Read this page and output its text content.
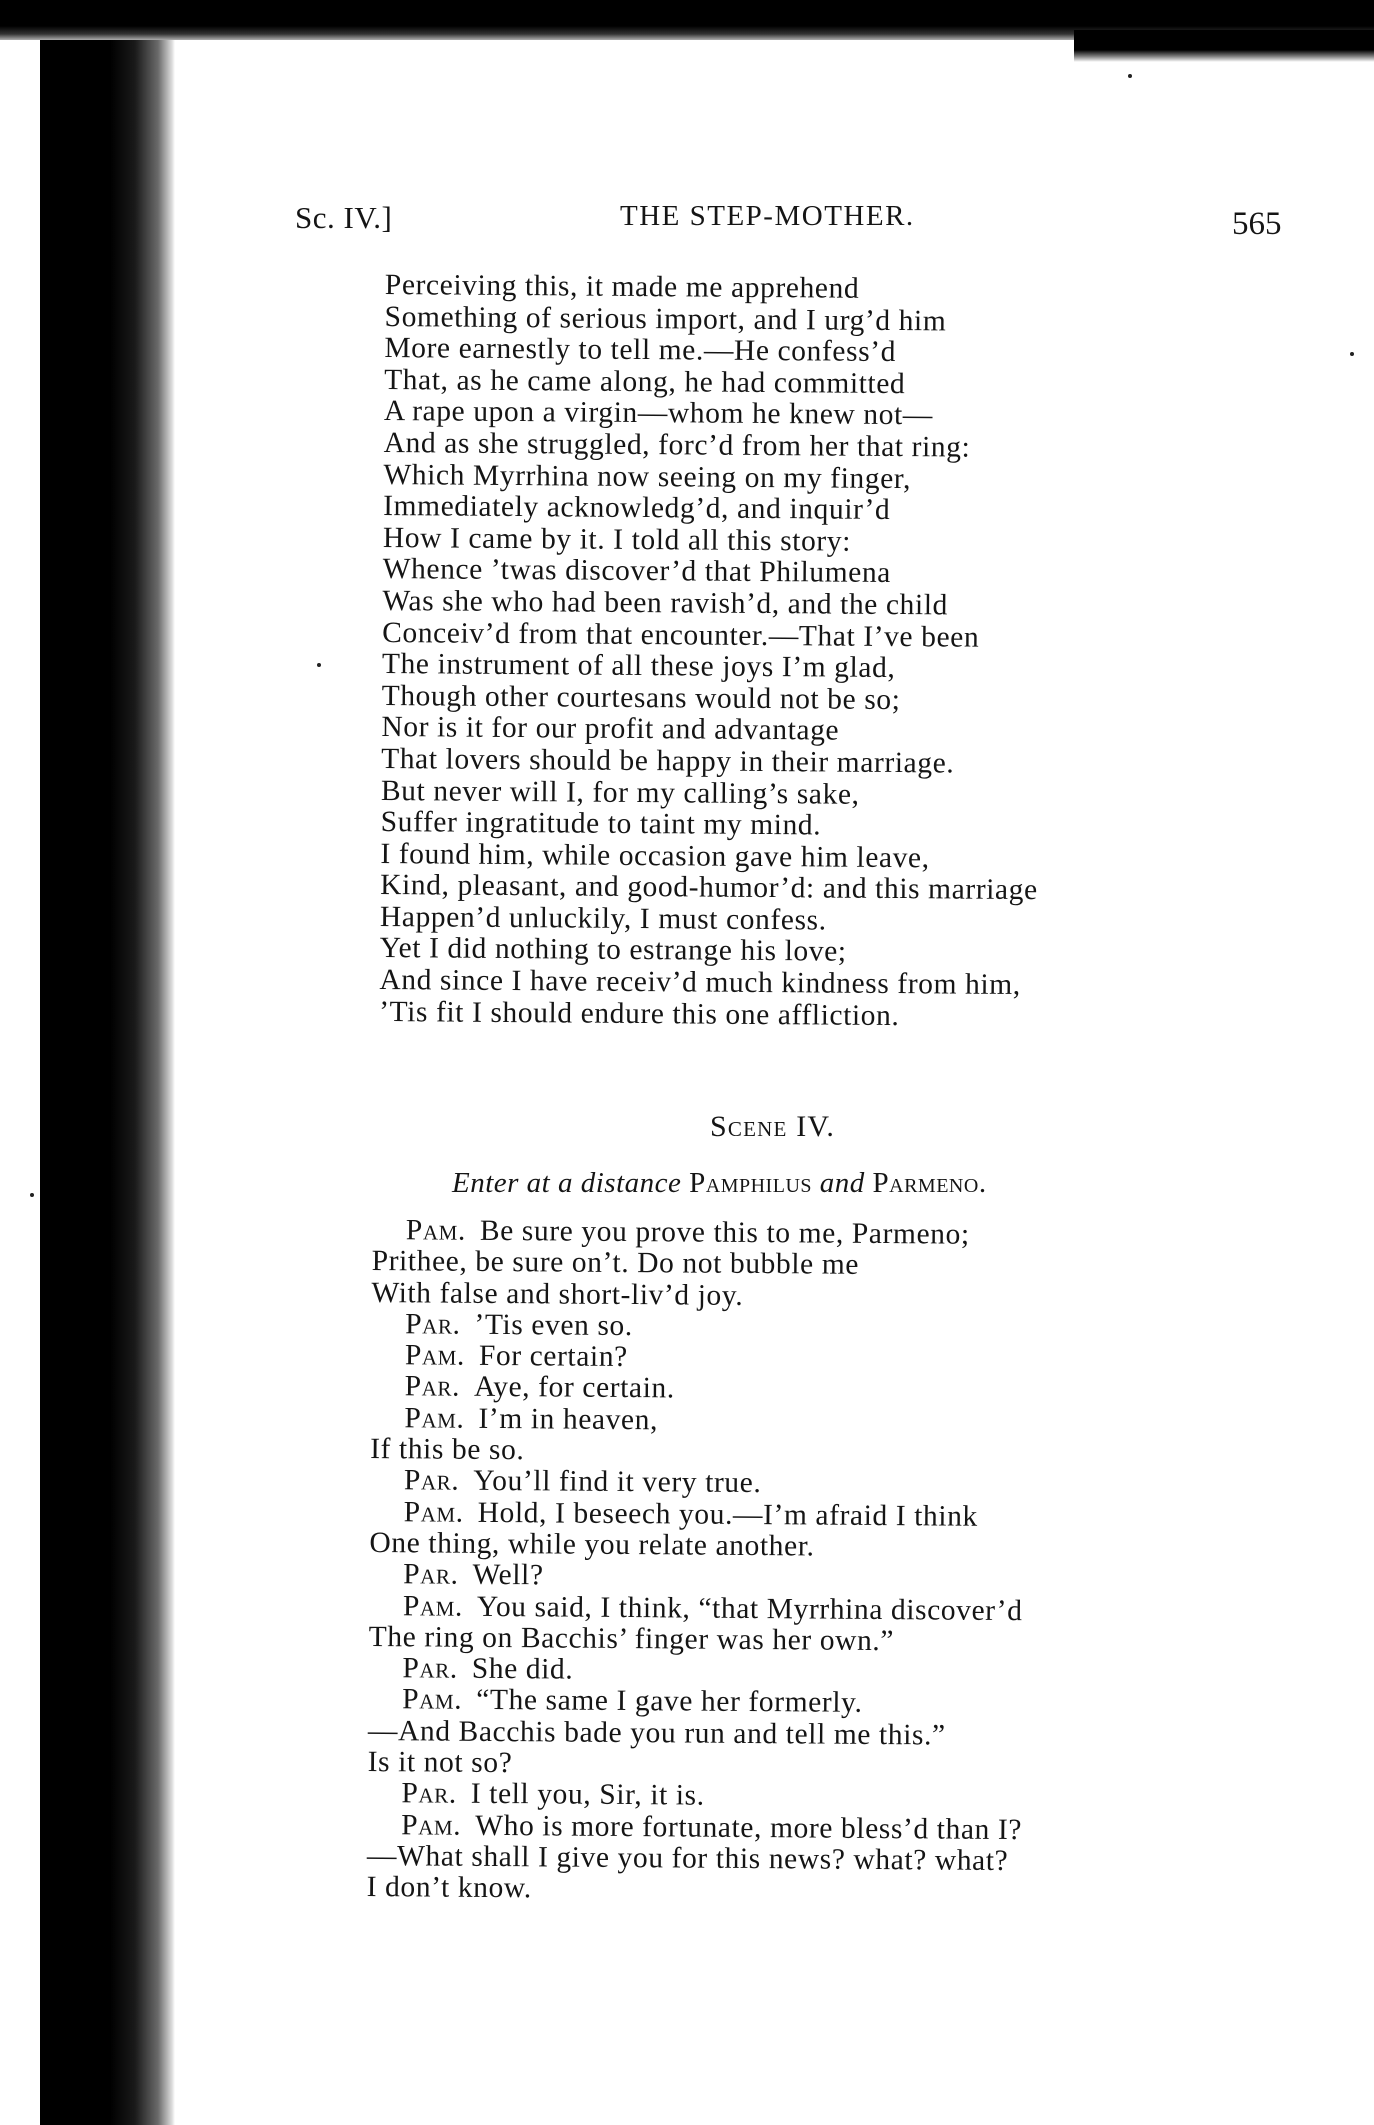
Sc. IV.]	THE STEP-MOTHER.	565
Perceiving this, it made me apprehend
Something of serious import, and I urg’d him
More earnestly to tell me.—He confess’d
That, as he came along, he had committed
A rape upon a virgin—whom he knew not—
And as she struggled, forc’d from her that ring:
Which Myrrhina now seeing on my finger,
Immediately acknowledg’d, and inquir’d
How I came by it. I told all this story:
Whence ’twas discover’d that Philumena
Was she who had been ravish’d, and the child
Conceiv’d from that encounter.—That I’ve been
The instrument of all these joys I’m glad,
Though other courtesans would not be so;
Nor is it for our profit and advantage
That lovers should be happy in their marriage.
But never will I, for my calling’s sake,
Suffer ingratitude to taint my mind.
I found him, while occasion gave him leave,
Kind, pleasant, and good-humor’d: and this marriage
Happen’d unluckily, I must confess.
Yet I did nothing to estrange his love;
And since I have receiv’d much kindness from him,
’Tis fit I should endure this one affliction.
Scene IV.
Enter at a distance Pamphilus and Parmeno.
Pam. Be sure you prove this to me, Parmeno;
Prithee, be sure on’t. Do not bubble me
With false and short-liv’d joy.
Par. ’Tis even so.
Pam. For certain?
Par. Aye, for certain.
Pam. I’m in heaven,
If this be so.
Par. You’ll find it very true.
Pam. Hold, I beseech you.—I’m afraid I think
One thing, while you relate another.
Par. Well?
Pam. You said, I think, “that Myrrhina discover’d
The ring on Bacchis’ finger was her own.”
Par. She did.
Pam. “The same I gave her formerly.
—And Bacchis bade you run and tell me this.”
Is it not so?
Par. I tell you, Sir, it is.
Pam. Who is more fortunate, more bless’d than I?
—What shall I give you for this news? what? what?
I don’t know.
